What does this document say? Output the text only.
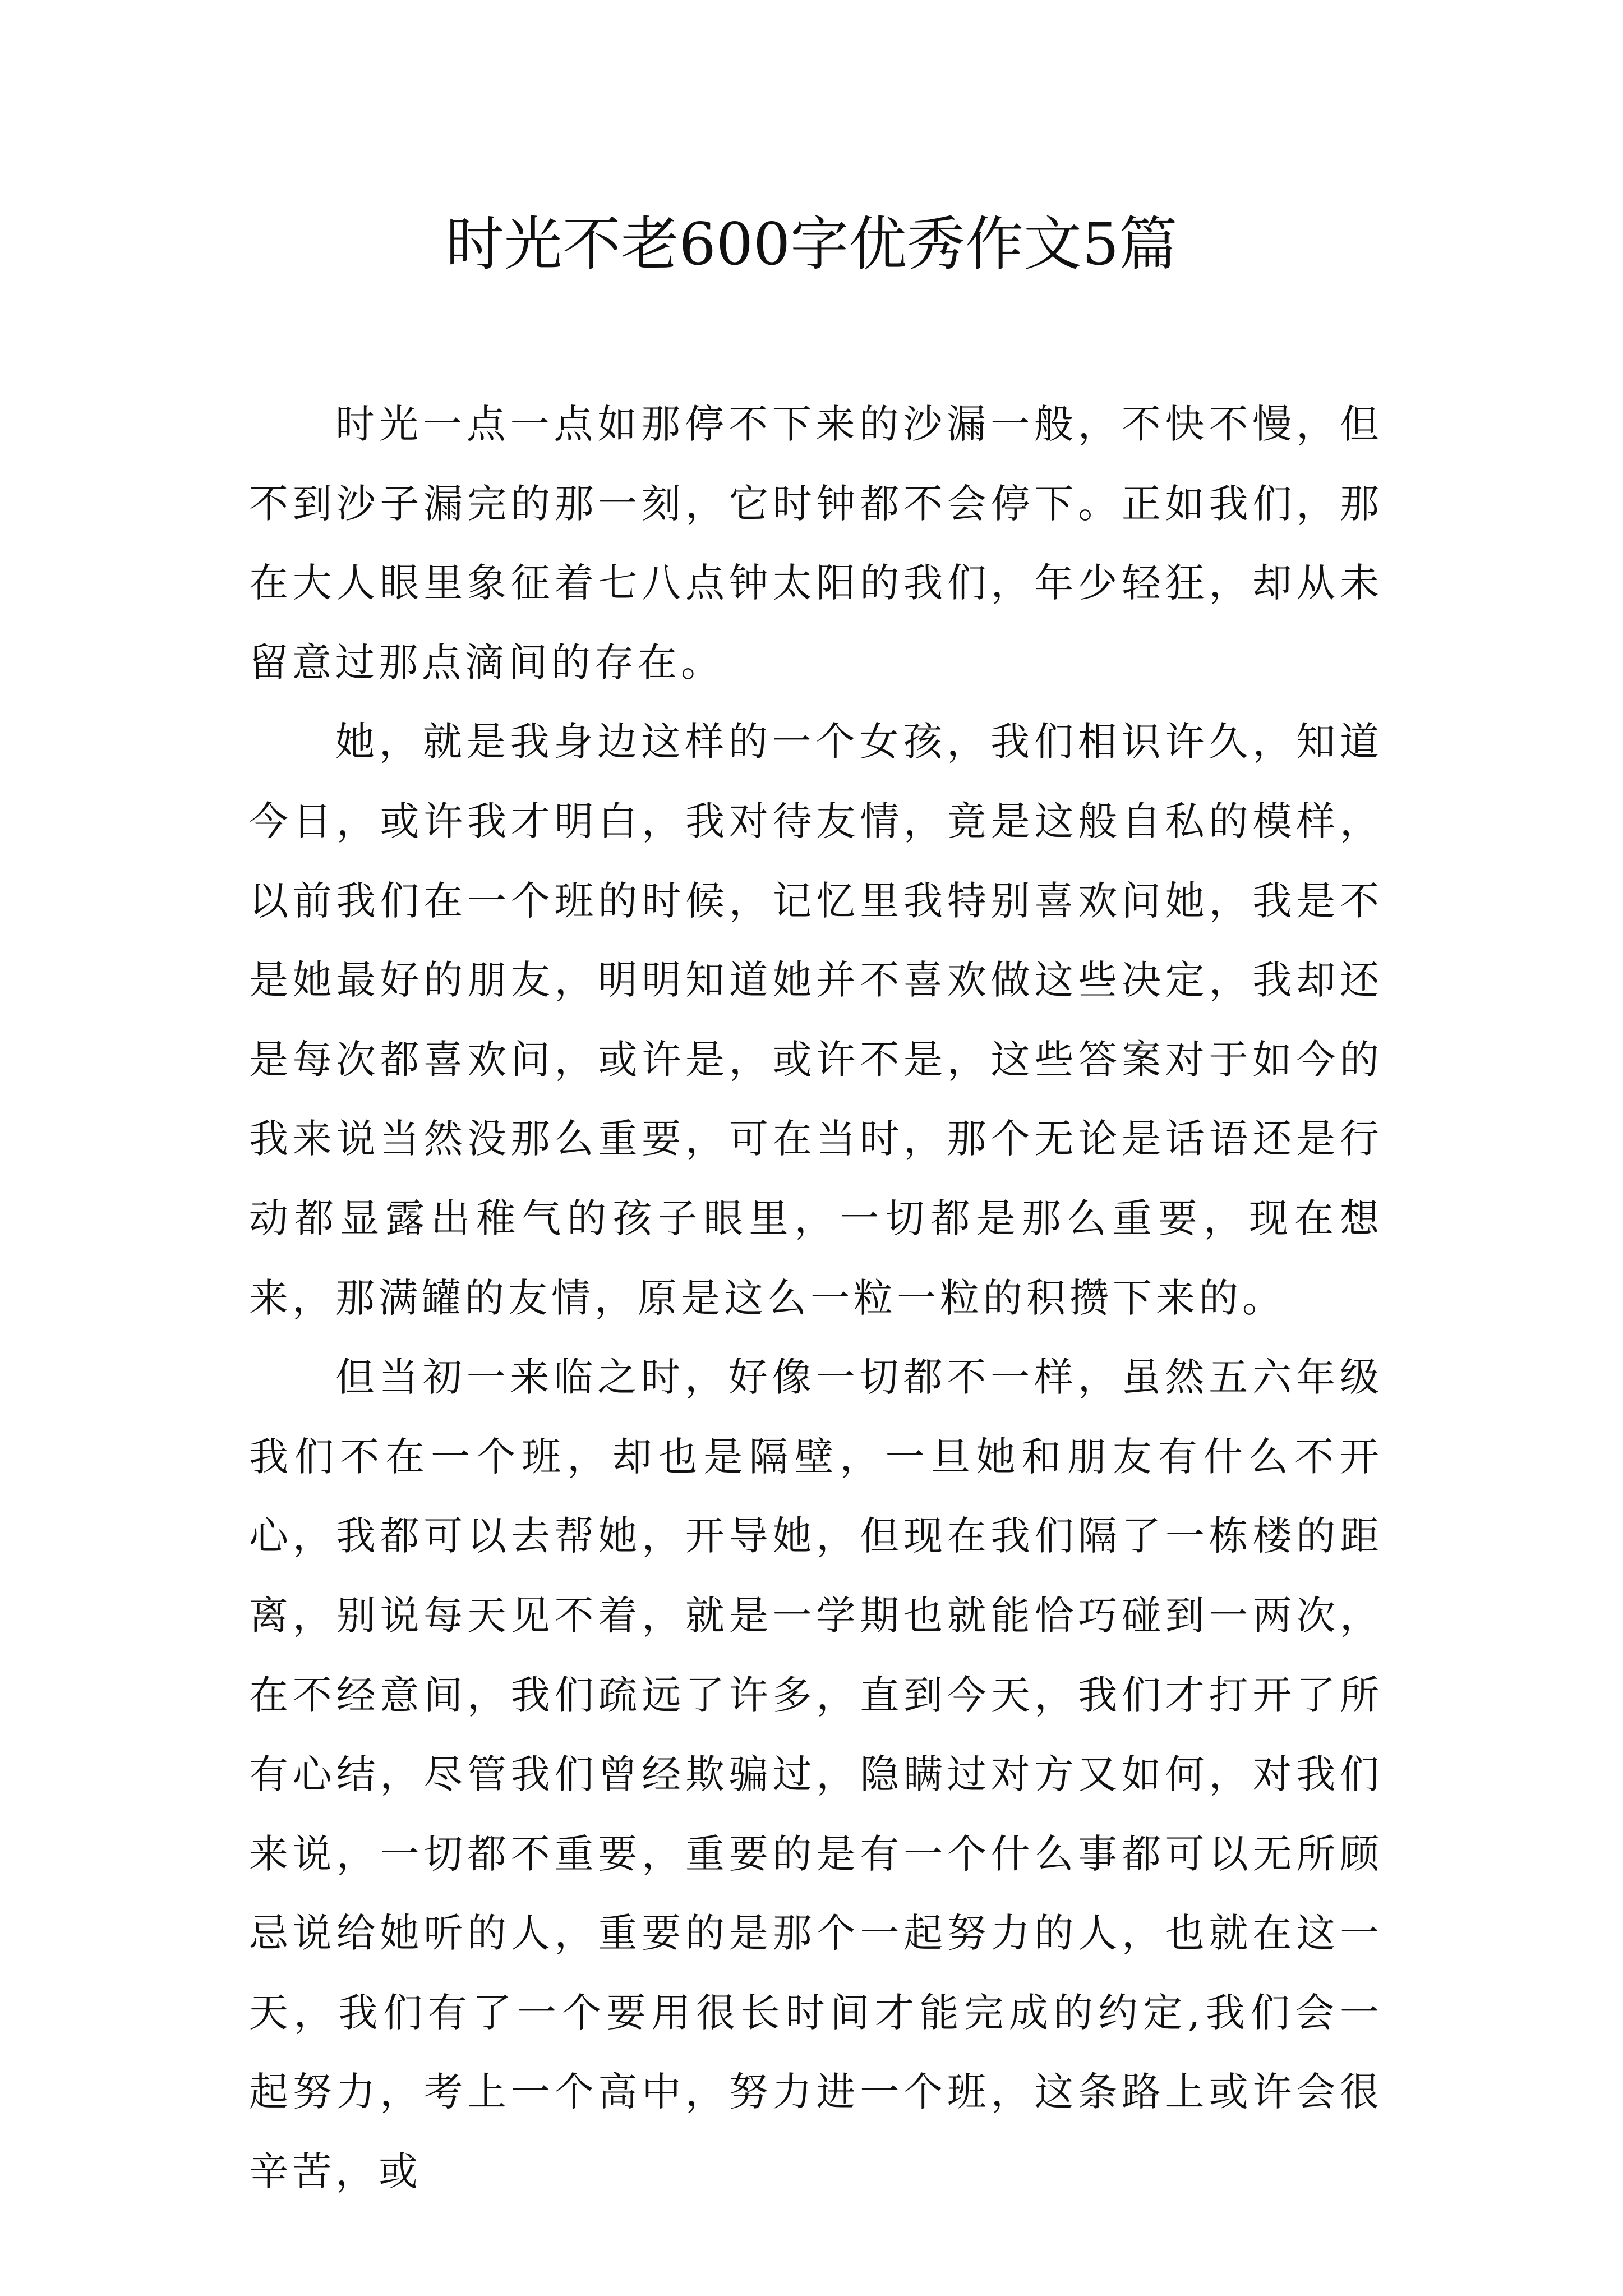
时光不老600字优秀作文5篇

时光一点一点如那停不下来的沙漏一般，不快不慢，但不到沙子漏完的那一刻，它时钟都不会停下。正如我们，那在大人眼里象征着七八点钟太阳的我们，年少轻狂，却从未留意过那点滴间的存在。

她，就是我身边这样的一个女孩，我们相识许久，知道今日，或许我才明白，我对待友情，竟是这般自私的模样，以前我们在一个班的时候，记忆里我特别喜欢问她，我是不是她最好的朋友，明明知道她并不喜欢做这些决定，我却还是每次都喜欢问，或许是，或许不是，这些答案对于如今的我来说当然没那么重要，可在当时，那个无论是话语还是行动都显露出稚气的孩子眼里，一切都是那么重要，现在想来，那满罐的友情，原是这么一粒一粒的积攒下来的。

但当初一来临之时，好像一切都不一样，虽然五六年级我们不在一个班，却也是隔壁，一旦她和朋友有什么不开心，我都可以去帮她，开导她，但现在我们隔了一栋楼的距离，别说每天见不着，就是一学期也就能恰巧碰到一两次，在不经意间，我们疏远了许多，直到今天，我们才打开了所有心结，尽管我们曾经欺骗过，隐瞒过对方又如何，对我们来说，一切都不重要，重要的是有一个什么事都可以无所顾忌说给她听的人，重要的是那个一起努力的人，也就在这一天，我们有了一个要用很长时间才能完成的约定,我们会一起努力，考上一个高中，努力进一个班，这条路上或许会很辛苦，或
